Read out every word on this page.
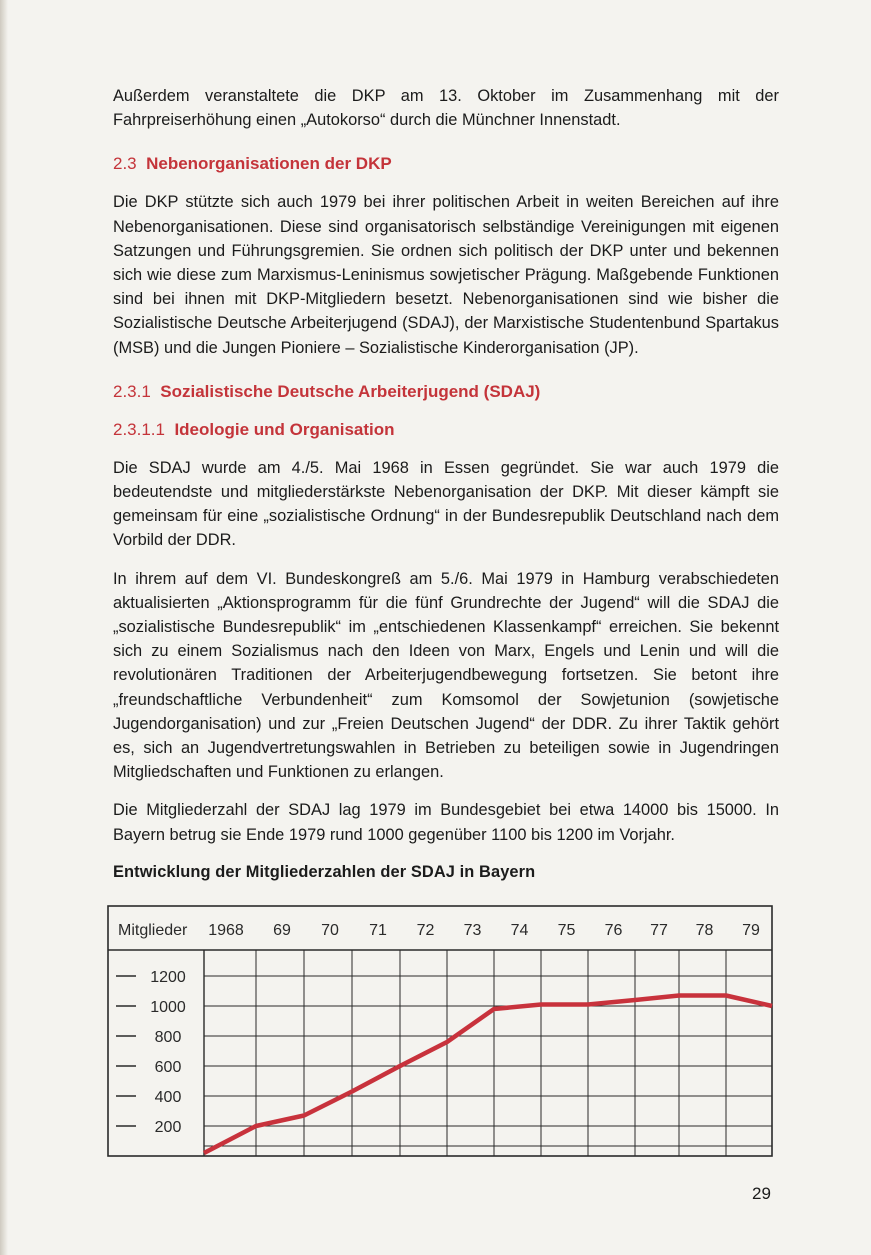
Außerdem veranstaltete die DKP am 13. Oktober im Zusammenhang mit der Fahrpreiserhöhung einen „Autokorso“ durch die Münchner Innenstadt.

2.3 Nebenorganisationen der DKP

Die DKP stützte sich auch 1979 bei ihrer politischen Arbeit in weiten Bereichen auf ihre Nebenorganisationen. Diese sind organisatorisch selbständige Vereinigungen mit eigenen Satzungen und Führungsgremien. Sie ordnen sich politisch der DKP unter und bekennen sich wie diese zum Marxismus-Leninismus sowjetischer Prägung. Maßgebende Funktionen sind bei ihnen mit DKP-Mitgliedern besetzt. Nebenorganisationen sind wie bisher die Sozialistische Deutsche Arbeiterjugend (SDAJ), der Marxistische Studentenbund Spartakus (MSB) und die Jungen Pioniere – Sozialistische Kinderorganisation (JP).

2.3.1 Sozialistische Deutsche Arbeiterjugend (SDAJ)
2.3.1.1 Ideologie und Organisation

Die SDAJ wurde am 4./5. Mai 1968 in Essen gegründet. Sie war auch 1979 die bedeutendste und mitgliederstärkste Nebenorganisation der DKP. Mit dieser kämpft sie gemeinsam für eine „sozialistische Ordnung“ in der Bundesrepublik Deutschland nach dem Vorbild der DDR.

In ihrem auf dem VI. Bundeskongreß am 5./6. Mai 1979 in Hamburg verabschiedeten aktualisierten „Aktionsprogramm für die fünf Grundrechte der Jugend“ will die SDAJ die „sozialistische Bundesrepublik“ im „entschiedenen Klassenkampf“ erreichen. Sie bekennt sich zu einem Sozialismus nach den Ideen von Marx, Engels und Lenin und will die revolutionären Traditionen der Arbeiterjugendbewegung fortsetzen. Sie betont ihre „freundschaftliche Verbundenheit“ zum Komsomol der Sowjetunion (sowjetische Jugendorganisation) und zur „Freien Deutschen Jugend“ der DDR. Zu ihrer Taktik gehört es, sich an Jugendvertretungswahlen in Betrieben zu beteiligen sowie in Jugendringen Mitgliedschaften und Funktionen zu erlangen.

Die Mitgliederzahl der SDAJ lag 1979 im Bundesgebiet bei etwa 14000 bis 15000. In Bayern betrug sie Ende 1979 rund 1000 gegenüber 1100 bis 1200 im Vorjahr.

Entwicklung der Mitgliederzahlen der SDAJ in Bayern
Mitglieder 1968 69 70 71 72 73 74 75 76 77 78 79
1200
1000
800
600
400
200
29
